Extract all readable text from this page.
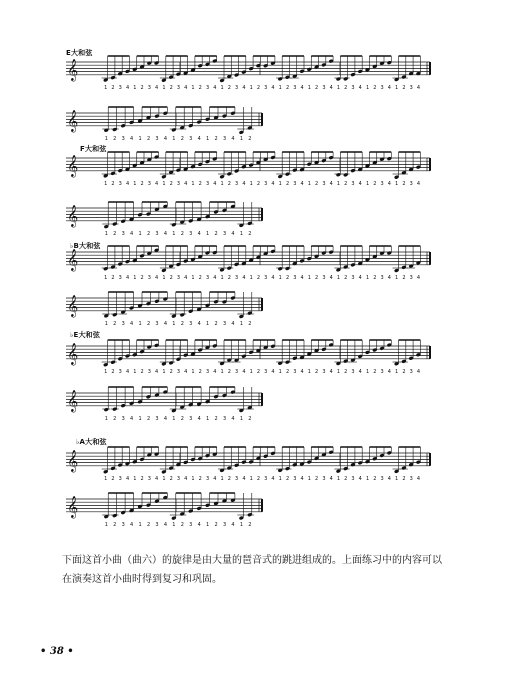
E大和弦
F大和弦
♭B大和弦
♭E大和弦
♭A大和弦
𝄞
1 2 3 4 1 2 3 4 1 2 3 4 1 2 3 4 1 2 3 4 1 2 3 4 1 2 3 4 1 2 3 4 1 2 3 4 1 2 3 4 1 2 3 4
𝄞
1 2 3 4 1 2 3 4 1 2 3 4 1 2 3 4 1 2
𝄞
1 2 3 4 1 2 3 4 1 2 3 4 1 2 3 4 1 2 3 4 1 2 3 4 1 2 3 4 1 2 3 4 1 2 3 4 1 2 3 4 1 2 3 4
𝄞
1 2 3 4 1 2 3 4 1 2 3 4 1 2 3 4 1 2
𝄞
1 2 3 4 1 2 3 4 1 2 3 4 1 2 3 4 1 2 3 4 1 2 3 4 1 2 3 4 1 2 3 4 1 2 3 4 1 2 3 4 1 2 3 4
𝄞
1 2 3 4 1 2 3 4 1 2 3 4 1 2 3 4 1 2
𝄞
1 2 3 4 1 2 3 4 1 2 3 4 1 2 3 4 1 2 3 4 1 2 3 4 1 2 3 4 1 2 3 4 1 2 3 4 1 2 3 4 1 2 3 4
𝄞
1 2 3 4 1 2 3 4 1 2 3 4 1 2 3 4 1 2
𝄞
1 2 3 4 1 2 3 4 1 2 3 4 1 2 3 4 1 2 3 4 1 2 3 4 1 2 3 4 1 2 3 4 1 2 3 4 1 2 3 4 1 2 3 4
𝄞
1 2 3 4 1 2 3 4 1 2 3 4 1 2 3 4 1 2
下面这首小曲（曲六）的旋律是由大量的琶音式的跳进组成的。上面练习中的内容可以
在演奏这首小曲时得到复习和巩固。
• 38 •
